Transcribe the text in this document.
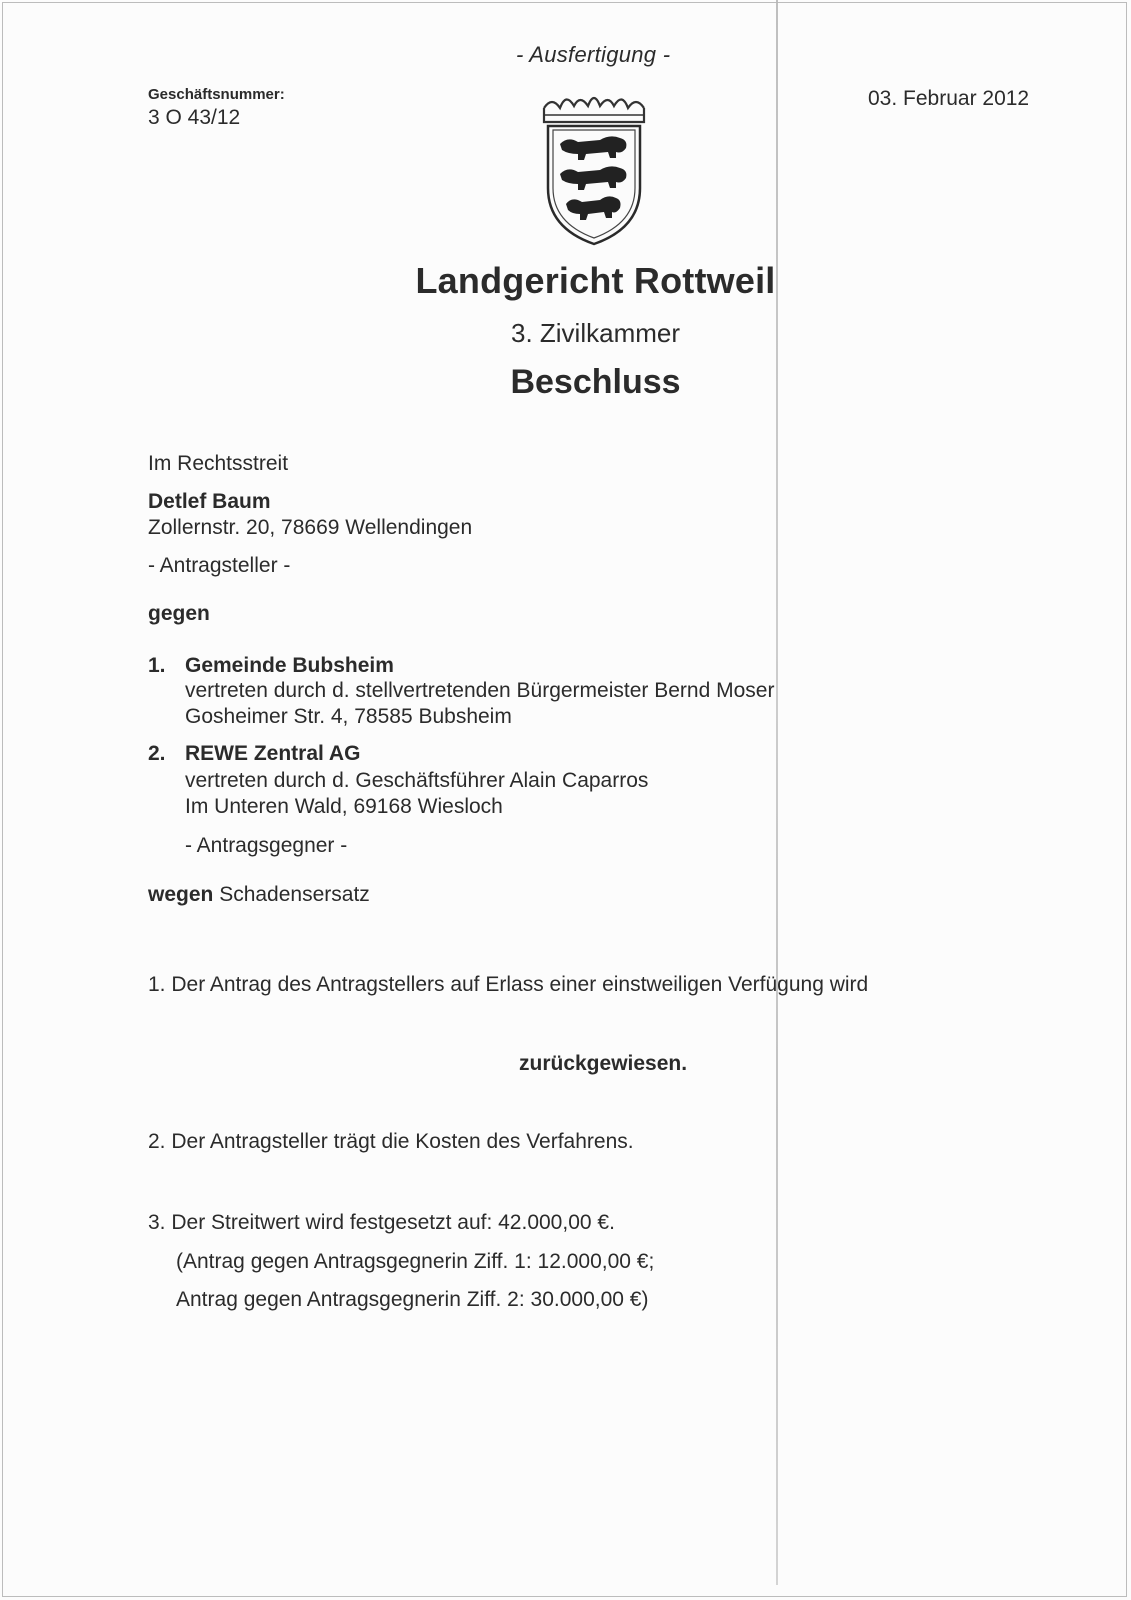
- Ausfertigung -
Geschäftsnummer:
3 O 43/12
03. Februar 2012
Landgericht Rottweil
3. Zivilkammer
Beschluss
Im Rechtsstreit
Detlef Baum
Zollernstr. 20, 78669 Wellendingen
- Antragsteller -
gegen
1. Gemeinde Bubsheim
vertreten durch d. stellvertretenden Bürgermeister Bernd Moser
Gosheimer Str. 4, 78585 Bubsheim
2. REWE Zentral AG
vertreten durch d. Geschäftsführer Alain Caparros
Im Unteren Wald, 69168 Wiesloch
- Antragsgegner -
wegen Schadensersatz
1. Der Antrag des Antragstellers auf Erlass einer einstweiligen Verfügung wird
zurückgewiesen.
2. Der Antragsteller trägt die Kosten des Verfahrens.
3. Der Streitwert wird festgesetzt auf: 42.000,00 €.
(Antrag gegen Antragsgegnerin Ziff. 1: 12.000,00 €;
Antrag gegen Antragsgegnerin Ziff. 2: 30.000,00 €)
